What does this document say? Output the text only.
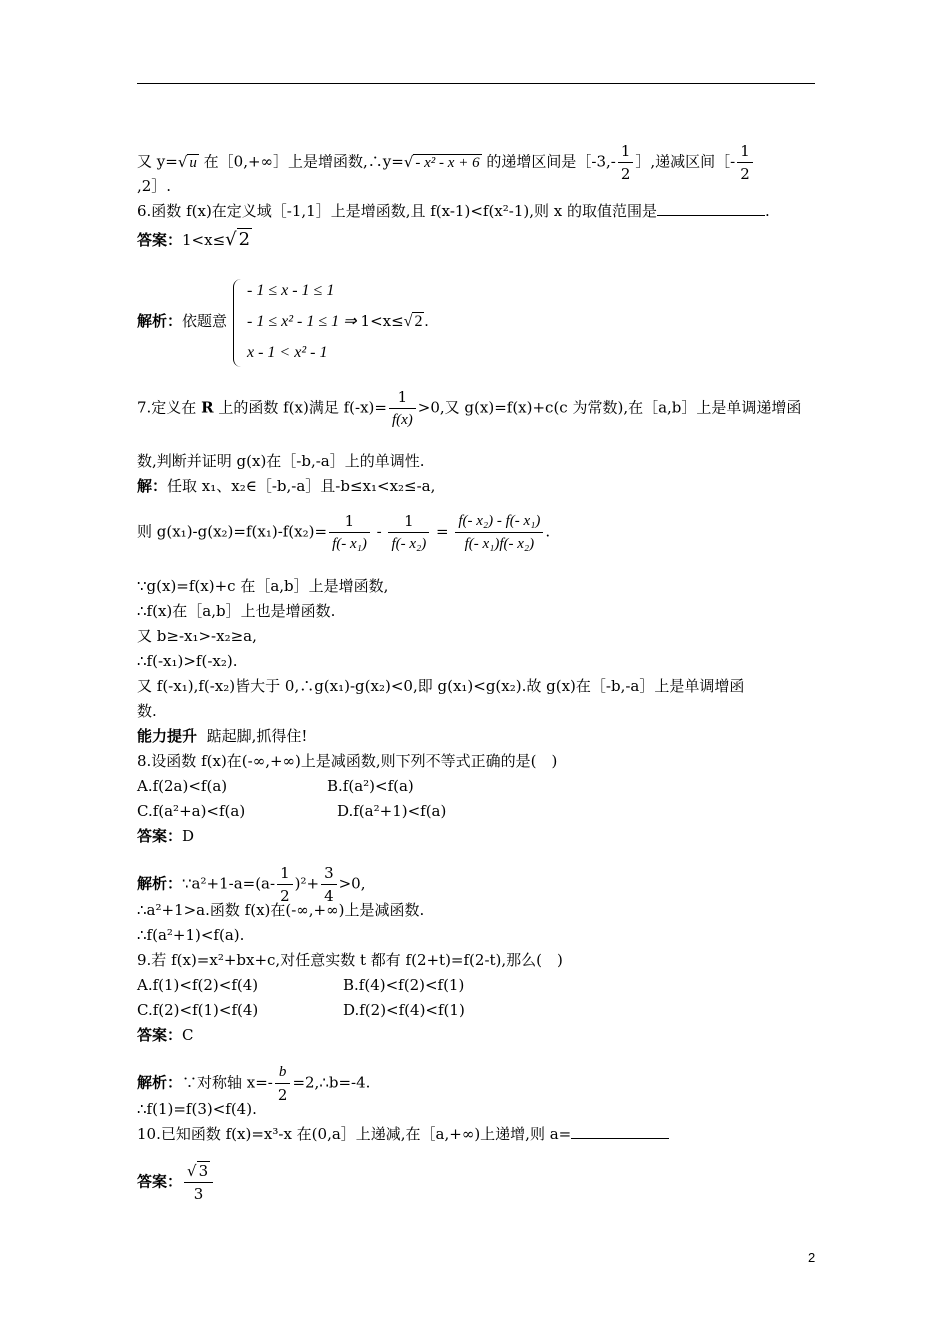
又 y=√ u 在［0,+∞］上是增函数,∴y=√ - x² - x + 6 的递增区间是［-3,- $\frac{1}{2}$ ］,递减区间［- $\frac{1}{2}$
,2］.
6.函数 f(x)在定义域［-1,1］上是增函数,且 f(x-1)<f(x²-1),则 x 的取值范围是	.
答案：1<x≤√ 2
解析：依题意
- 1 ≤ x - 1 ≤ 1
- 1 ≤ x² - 1 ≤ 1 ⇒ 1<x≤√ 2 .
x - 1 < x² - 1
7.定义在 R 上的函数 f(x)满足 $f(-x)= \frac{1}{f(x)} >0$,又 g(x)=f(x)+c(c 为常数),在［a,b］上是单调递增函
数,判断并证明 g(x)在［-b,-a］上的单调性.
解：任取 x₁、x₂∈［-b,-a］且-b≤x₁<x₂≤-a,
则 $g(x_1)-g(x_2)=f(x_1)-f(x_2)= \frac{1}{\text{f(- x₁)}} - \frac{1}{\text{f(- x₂)}} = \frac{\text{f(- x₂) - f(- x₁)}}{\text{f(- x₁)f(- x₂)}}$ .
∵g(x)=f(x)+c 在［a,b］上是增函数,
∴f(x)在［a,b］上也是增函数.
又 b≥-x₁>-x₂≥a,
∴f(-x₁)>f(-x₂).
又 f(-x₁),f(-x₂)皆大于 0,∴g(x₁)-g(x₂)<0,即 g(x₁)<g(x₂).故 g(x)在［-b,-a］上是单调增函
数.
能力提升 踮起脚,抓得住!
8.设函数 f(x)在(-∞,+∞)上是减函数,则下列不等式正确的是(　)
A.f(2a)<f(a)	B.f(a²)<f(a)
C.f(a²+a)<f(a)	D.f(a²+1)<f(a)
答案：D
解析：∵a²+1-a=(a- $\frac{1}{2} )^2+ \frac{3}{4} >0$,
∴a²+1>a.函数 f(x)在(-∞,+∞)上是减函数.
∴f(a²+1)<f(a).
9.若 f(x)=x²+bx+c,对任意实数 t 都有 f(2+t)=f(2-t),那么(　)
A.f(1)<f(2)<f(4)	B.f(4)<f(2)<f(1)
C.f(2)<f(1)<f(4)	D.f(2)<f(4)<f(1)
答案：C
解析：∵对称轴 $x=- \frac{b}{2}$ =2,∴b=-4.
∴f(1)=f(3)<f(4).
10.已知函数 f(x)=x³-x 在(0,a］上递减,在［a,+∞)上递增,则 a=
答案： $\frac{√ 3}{3}$
2
